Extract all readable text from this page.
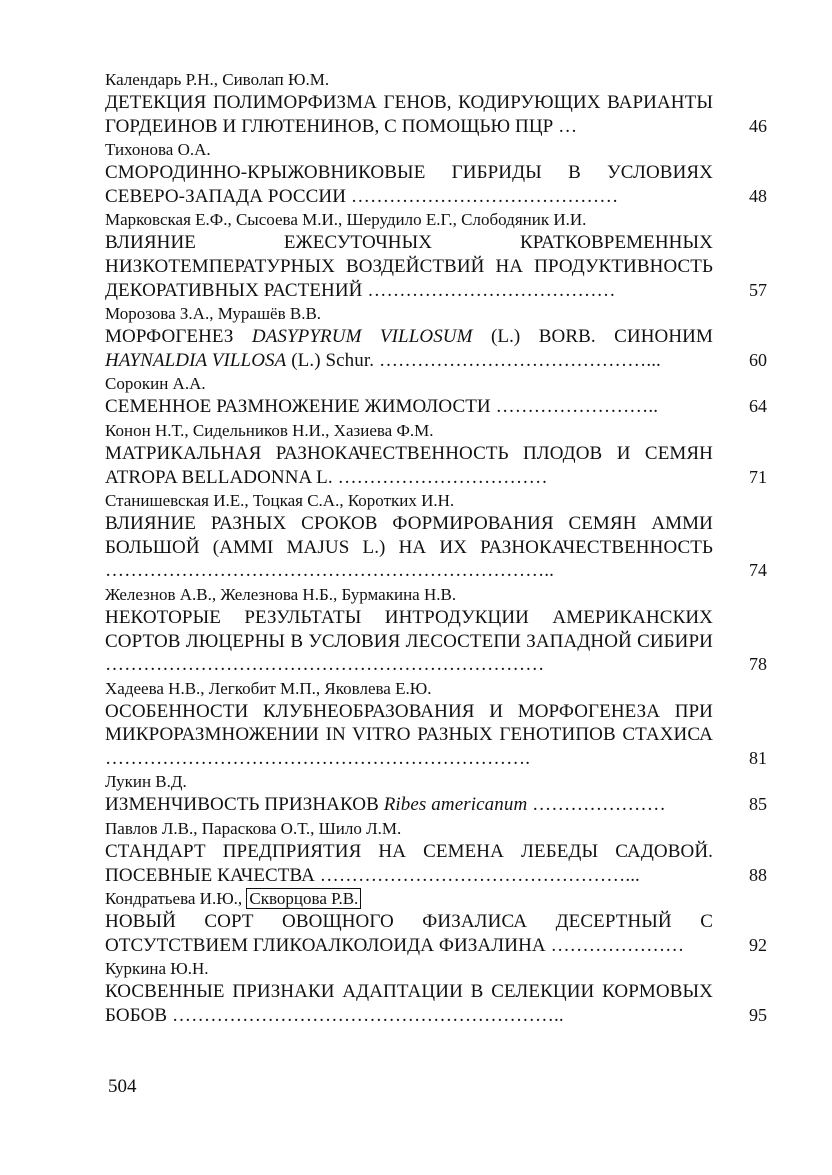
Календарь Р.Н., Сиволап Ю.М.
ДЕТЕКЦИЯ ПОЛИМОРФИЗМА ГЕНОВ, КОДИРУЮЩИХ ВАРИАНТЫ ГОРДЕИНОВ И ГЛЮТЕНИНОВ, С ПОМОЩЬЮ ПЦР …	46
Тихонова О.А.
СМОРОДИННО-КРЫЖОВНИКОВЫЕ ГИБРИДЫ В УСЛОВИЯХ СЕВЕРО-ЗАПАДА РОССИИ ……………………………………	48
Марковская Е.Ф., Сысоева М.И., Шерудило Е.Г., Слободяник И.И.
ВЛИЯНИЕ ЕЖЕСУТОЧНЫХ КРАТКОВРЕМЕННЫХ НИЗКОТЕМПЕРАТУРНЫХ ВОЗДЕЙСТВИЙ НА ПРОДУКТИВНОСТЬ ДЕКОРАТИВНЫХ РАСТЕНИЙ …………………………………	57
Морозова З.А., Мурашёв В.В.
МОРФОГЕНЕЗ DASYPYRUM VILLOSUM (L.) BORB. СИНОНИМ HAYNALDIA VILLOSA (L.) Schur. ……………………………………...	60
Сорокин А.А.
СЕМЕННОЕ РАЗМНОЖЕНИЕ ЖИМОЛОСТИ ……………………..	64
Конон Н.Т., Сидельников Н.И., Хазиева Ф.М.
МАТРИКАЛЬНАЯ РАЗНОКАЧЕСТВЕННОСТЬ ПЛОДОВ И СЕМЯН ATROPA BELLADONNA L. ……………………………	71
Станишевская И.Е., Тоцкая С.А., Коротких И.Н.
ВЛИЯНИЕ РАЗНЫХ СРОКОВ ФОРМИРОВАНИЯ СЕМЯН АММИ БОЛЬШОЙ (AMMI MAJUS L.) НА ИХ РАЗНОКАЧЕСТВЕННОСТЬ ……………………………………………………………..	74
Железнов А.В., Железнова Н.Б., Бурмакина Н.В.
НЕКОТОРЫЕ РЕЗУЛЬТАТЫ ИНТРОДУКЦИИ АМЕРИКАНСКИХ СОРТОВ ЛЮЦЕРНЫ В УСЛОВИЯ ЛЕСОСТЕПИ ЗАПАДНОЙ СИБИРИ ……………………………………………………………	78
Хадеева Н.В., Легкобит М.П., Яковлева Е.Ю.
ОСОБЕННОСТИ КЛУБНЕОБРАЗОВАНИЯ И МОРФОГЕНЕЗА ПРИ МИКРОРАЗМНОЖЕНИИ IN VITRO РАЗНЫХ ГЕНОТИПОВ СТАХИСА ………………………………………………………….	81
Лукин В.Д.
ИЗМЕНЧИВОСТЬ ПРИЗНАКОВ Ribes americanum …………………	85
Павлов Л.В., Параскова О.Т., Шило Л.М.
СТАНДАРТ ПРЕДПРИЯТИЯ НА СЕМЕНА ЛЕБЕДЫ САДОВОЙ. ПОСЕВНЫЕ КАЧЕСТВА …………………………………………...	88
Кондратьева И.Ю., Скворцова Р.В.
НОВЫЙ СОРТ ОВОЩНОГО ФИЗАЛИСА ДЕСЕРТНЫЙ С ОТСУТСТВИЕМ ГЛИКОАЛКОЛОИДА ФИЗАЛИНА …………………	92
Куркина Ю.Н.
КОСВЕННЫЕ ПРИЗНАКИ АДАПТАЦИИ В СЕЛЕКЦИИ КОРМОВЫХ БОБОВ ……………………………………………………..	95
504
